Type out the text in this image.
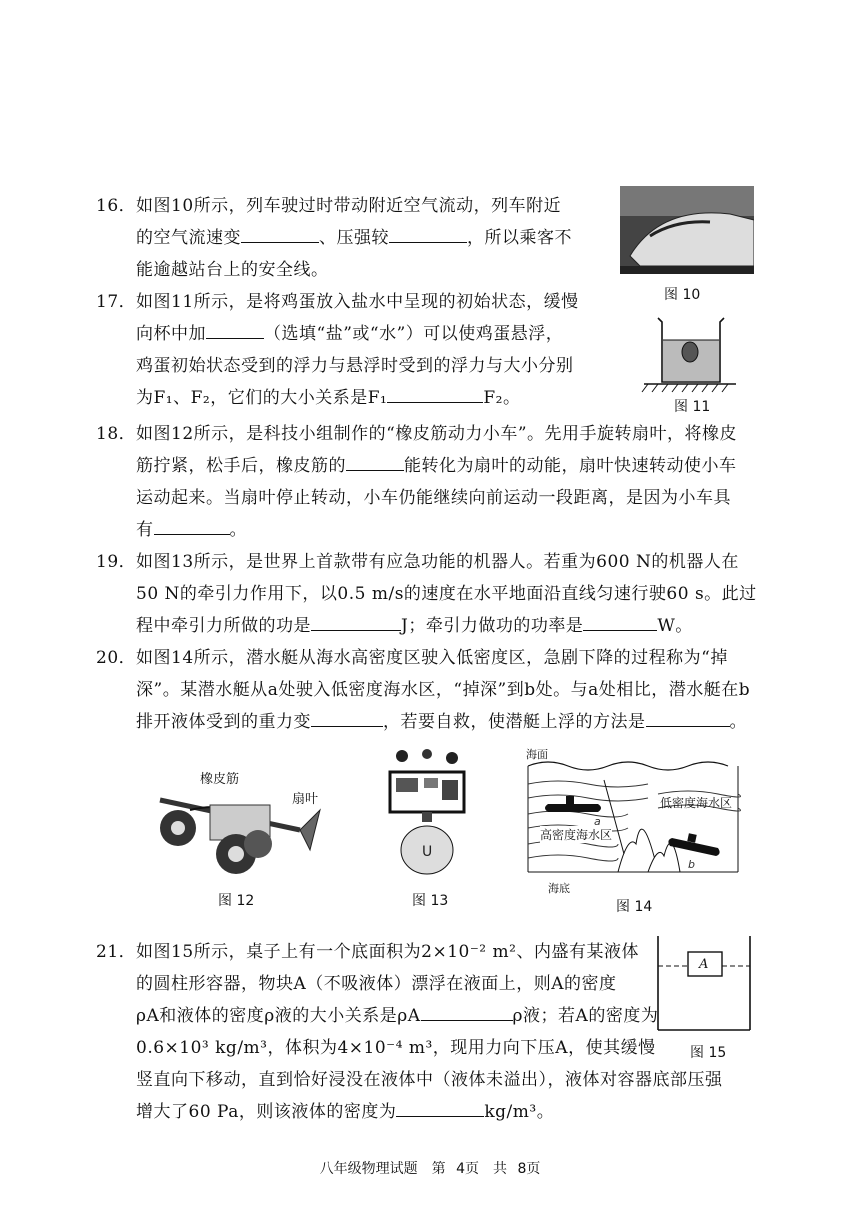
16．如图10所示，列车驶过时带动附近空气流动，列车附近
的空气流速变	、压强较	，所以乘客不
能逾越站台上的安全线。
图 10
17．如图11所示，是将鸡蛋放入盐水中呈现的初始状态，缓慢
向杯中加	（选填“盐”或“水”）可以使鸡蛋悬浮，
鸡蛋初始状态受到的浮力与悬浮时受到的浮力与大小分别
为F₁、F₂，它们的大小关系是F₁	F₂。	图 11
18．如图12所示，是科技小组制作的“橡皮筋动力小车”。先用手旋转扇叶，将橡皮
筋拧紧，松手后，橡皮筋的	能转化为扇叶的动能，扇叶快速转动使小车
运动起来。当扇叶停止转动，小车仍能继续向前运动一段距离，是因为小车具
有	。
19．如图13所示，是世界上首款带有应急功能的机器人。若重为600 N的机器人在
50 N的牵引力作用下，以0.5 m/s的速度在水平地面沿直线匀速行驶60 s。此过
程中牵引力所做的功是	J；牵引力做功的功率是	W。
20．如图14所示，潜水艇从海水高密度区驶入低密度区，急剧下降的过程称为“掉
深”。某潜水艇从a处驶入低密度海水区，“掉深”到b处。与a处相比，潜水艇在b
排开液体受到的重力变	，若要自救，使潜艇上浮的方法是	。
橡皮筋
扇叶
图 12
U
图 13
海面
低密度海水区
高密度海水区
海底
a
b
图 14
21．如图15所示，桌子上有一个底面积为2×10⁻² m²、内盛有某液体
的圆柱形容器，物块A（不吸液体）漂浮在液面上，则A的密度
ρA和液体的密度ρ液的大小关系是ρA	ρ液；若A的密度为
0.6×10³ kg/m³，体积为4×10⁻⁴ m³，现用力向下压A，使其缓慢
竖直向下移动，直到恰好浸没在液体中（液体未溢出），液体对容器底部压强
增大了60 Pa，则该液体的密度为	kg/m³。
A
图 15
八年级物理试题　第 4页　共 8页
